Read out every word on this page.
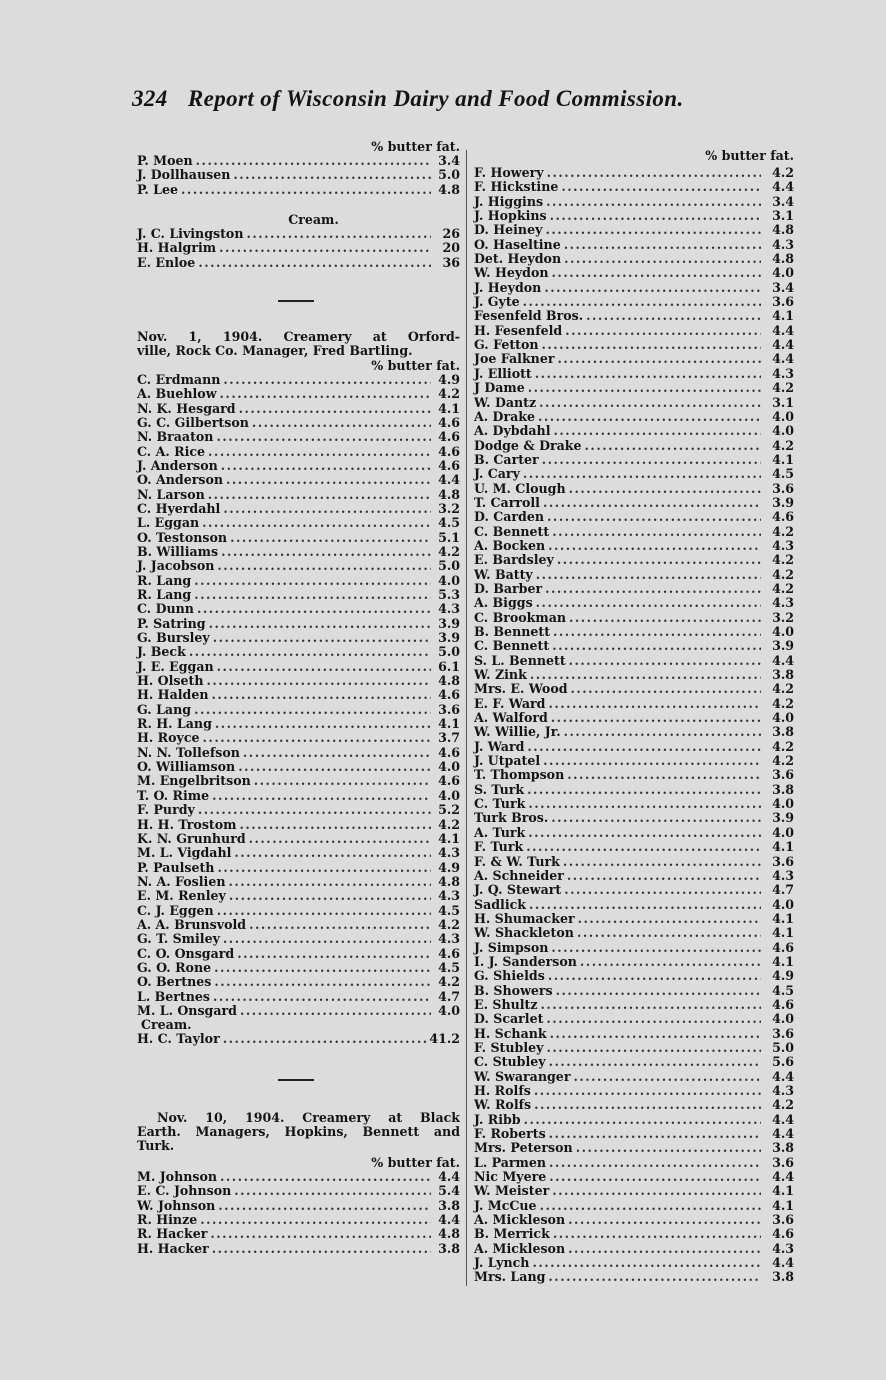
324 Report of Wisconsin Dairy and Food Commission.
% butter fat.
P. Moen .....	3.4
J. Dollhausen .....	5.0
P. Lee .....	4.8
Cream.
J. C. Livingston .....	26
H. Halgrim .....	20
E. Enloe .....	36
Nov. 1, 1904. Creamery at Orford-
ville, Rock Co. Manager, Fred Bartling.
% butter fat.
C. Erdmann .....	4.9
A. Buehlow .....	4.2
N. K. Hesgard .....	4.1
G. C. Gilbertson .....	4.6
N. Braaton .....	4.6
C. A. Rice .....	4.6
J. Anderson .....	4.6
O. Anderson .....	4.4
N. Larson .....	4.8
C. Hyerdahl .....	3.2
L. Eggan .....	4.5
O. Testonson .....	5.1
B. Williams .....	4.2
J. Jacobson .....	5.0
R. Lang .....	4.0
R. Lang .....	5.3
C. Dunn .....	4.3
P. Satring .....	3.9
G. Bursley .....	3.9
J. Beck .....	5.0
J. E. Eggan .....	6.1
H. Olseth .....	4.8
H. Halden .....	4.6
G. Lang .....	3.6
R. H. Lang .....	4.1
H. Royce .....	3.7
N. N. Tollefson .....	4.6
O. Williamson .....	4.0
M. Engelbritson .....	4.6
T. O. Rime .....	4.0
F. Purdy .....	5.2
H. H. Trostom .....	4.2
K. N. Grunhurd .....	4.1
M. L. Vigdahl .....	4.3
P. Paulseth .....	4.9
N. A. Foslien .....	4.8
E. M. Renley .....	4.3
C. J. Eggen .....	4.5
A. A. Brunsvold .....	4.2
G. T. Smiley .....	4.3
C. O. Onsgard .....	4.6
G. O. Rone .....	4.5
O. Bertnes .....	4.2
L. Bertnes .....	4.7
M. L. Onsgard .....	4.0
Cream.
H. C. Taylor .....	41.2
Nov. 10, 1904. Creamery at Black
Earth. Managers, Hopkins, Bennett and
Turk.
% butter fat.
M. Johnson .....	4.4
E. C. Johnson .....	5.4
W. Johnson .....	3.8
R. Hinze .....	4.4
R. Hacker .....	4.8
H. Hacker .....	3.8
% butter fat.
F. Howery .....	4.2
F. Hickstine .....	4.4
J. Higgins .....	3.4
J. Hopkins .....	3.1
D. Heiney .....	4.8
O. Haseltine .....	4.3
Det. Heydon .....	4.8
W. Heydon .....	4.0
J. Heydon .....	3.4
J. Gyte .....	3.6
Fesenfeld Bros. .....	4.1
H. Fesenfeld .....	4.4
G. Fetton .....	4.4
Joe Falkner .....	4.4
J. Elliott .....	4.3
J Dame .....	4.2
W. Dantz .....	3.1
A. Drake .....	4.0
A. Dybdahl .....	4.0
Dodge & Drake .....	4.2
B. Carter .....	4.1
J. Cary .....	4.5
U. M. Clough .....	3.6
T. Carroll .....	3.9
D. Carden .....	4.6
C. Bennett .....	4.2
A. Bocken .....	4.3
E. Bardsley .....	4.2
W. Batty .....	4.2
D. Barber .....	4.2
A. Biggs .....	4.3
C. Brookman .....	3.2
B. Bennett .....	4.0
C. Bennett .....	3.9
S. L. Bennett .....	4.4
W. Zink .....	3.8
Mrs. E. Wood .....	4.2
E. F. Ward .....	4.2
A. Walford .....	4.0
W. Willie, Jr. .....	3.8
J. Ward .....	4.2
J. Utpatel .....	4.2
T. Thompson .....	3.6
S. Turk .....	3.8
C. Turk .....	4.0
Turk Bros. .....	3.9
A. Turk .....	4.0
F. Turk .....	4.1
F. & W. Turk .....	3.6
A. Schneider .....	4.3
J. Q. Stewart .....	4.7
Sadlick .....	4.0
H. Shumacker .....	4.1
W. Shackleton .....	4.1
J. Simpson .....	4.6
I. J. Sanderson .....	4.1
G. Shields .....	4.9
B. Showers .....	4.5
E. Shultz .....	4.6
D. Scarlet .....	4.0
H. Schank .....	3.6
F. Stubley .....	5.0
C. Stubley .....	5.6
W. Swaranger .....	4.4
H. Rolfs .....	4.3
W. Rolfs .....	4.2
J. Ribb .....	4.4
F. Roberts .....	4.4
Mrs. Peterson .....	3.8
L. Parmen .....	3.6
Nic Myere .....	4.4
W. Meister .....	4.1
J. McCue .....	4.1
A. Mickleson .....	3.6
B. Merrick .....	4.6
A. Mickleson .....	4.3
J. Lynch .....	4.4
Mrs. Lang .....	3.8
